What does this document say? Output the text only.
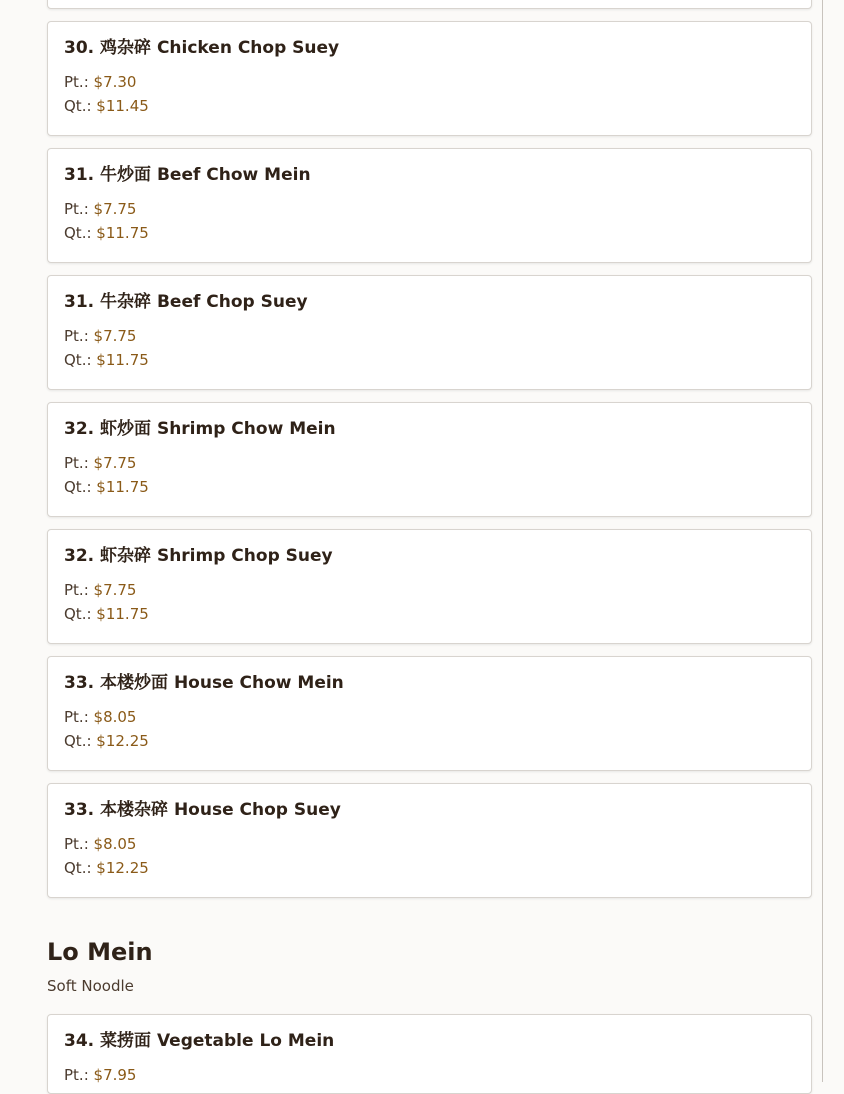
30. 鸡杂碎 Chicken Chop Suey
Pt.: $7.30
Qt.: $11.45
31. 牛炒面 Beef Chow Mein
Pt.: $7.75
Qt.: $11.75
31. 牛杂碎 Beef Chop Suey
Pt.: $7.75
Qt.: $11.75
32. 虾炒面 Shrimp Chow Mein
Pt.: $7.75
Qt.: $11.75
32. 虾杂碎 Shrimp Chop Suey
Pt.: $7.75
Qt.: $11.75
33. 本楼炒面 House Chow Mein
Pt.: $8.05
Qt.: $12.25
33. 本楼杂碎 House Chop Suey
Pt.: $8.05
Qt.: $12.25
Lo Mein

Soft Noodle

34. 菜捞面 Vegetable Lo Mein
Pt.: $7.95
